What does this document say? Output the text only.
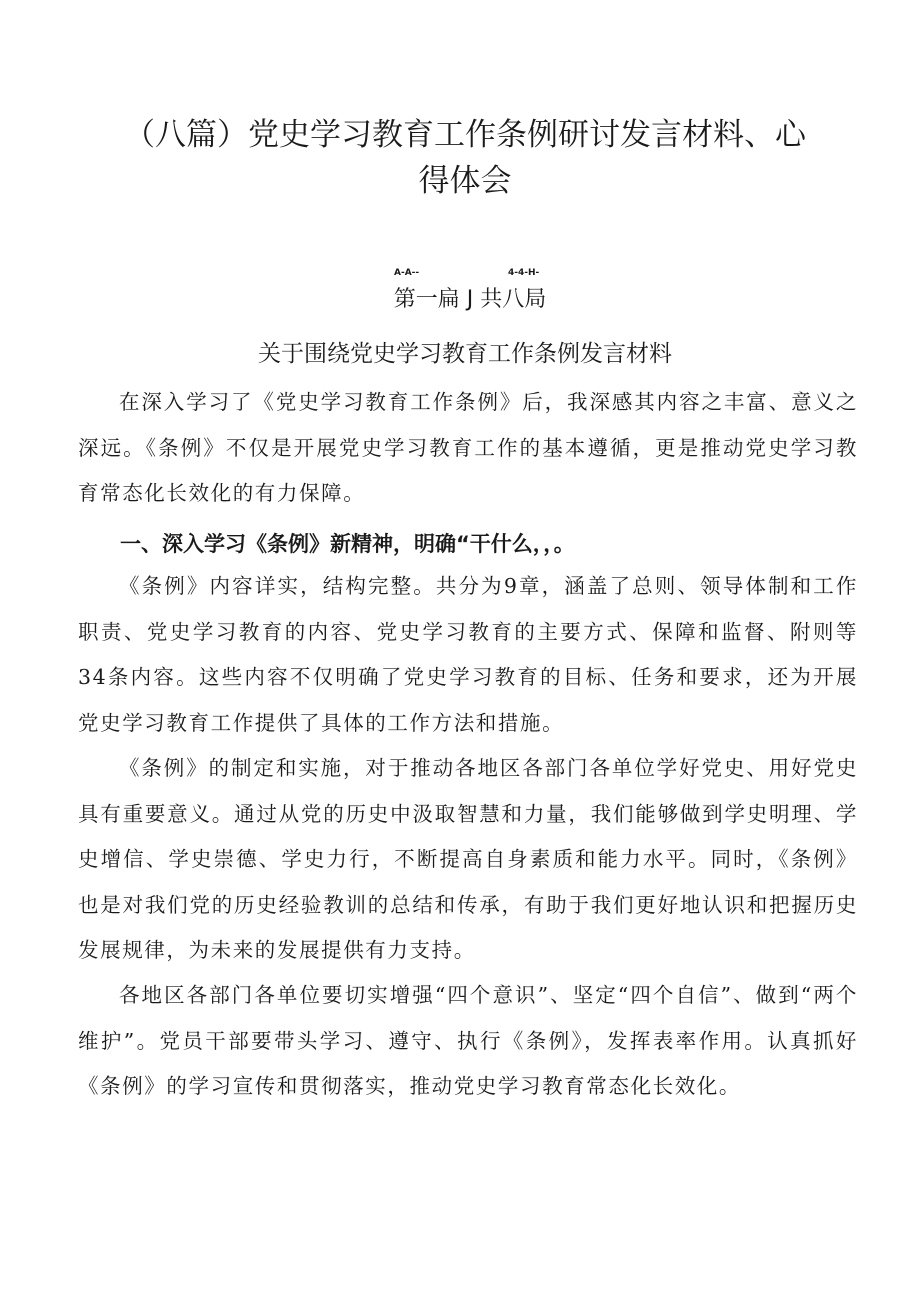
（八篇）党史学习教育工作条例研讨发言材料、心得体会
A-A--	4-4-H-
第一扁 J 共八局
关于围绕党史学习教育工作条例发言材料

在深入学习了《党史学习教育工作条例》后，我深感其内容之丰富、意义之深远。《条例》不仅是开展党史学习教育工作的基本遵循，更是推动党史学习教育常态化长效化的有力保障。

一、深入学习《条例》新精神，明确“干什么，，。

《条例》内容详实，结构完整。共分为9章，涵盖了总则、领导体制和工作职责、党史学习教育的内容、党史学习教育的主要方式、保障和监督、附则等34条内容。这些内容不仅明确了党史学习教育的目标、任务和要求，还为开展党史学习教育工作提供了具体的工作方法和措施。

《条例》的制定和实施，对于推动各地区各部门各单位学好党史、用好党史具有重要意义。通过从党的历史中汲取智慧和力量，我们能够做到学史明理、学史增信、学史崇德、学史力行，不断提高自身素质和能力水平。同时，《条例》也是对我们党的历史经验教训的总结和传承，有助于我们更好地认识和把握历史发展规律，为未来的发展提供有力支持。

各地区各部门各单位要切实增强“四个意识”、坚定“四个自信”、做到“两个维护”。党员干部要带头学习、遵守、执行《条例》，发挥表率作用。认真抓好《条例》的学习宣传和贯彻落实，推动党史学习教育常态化长效化。
